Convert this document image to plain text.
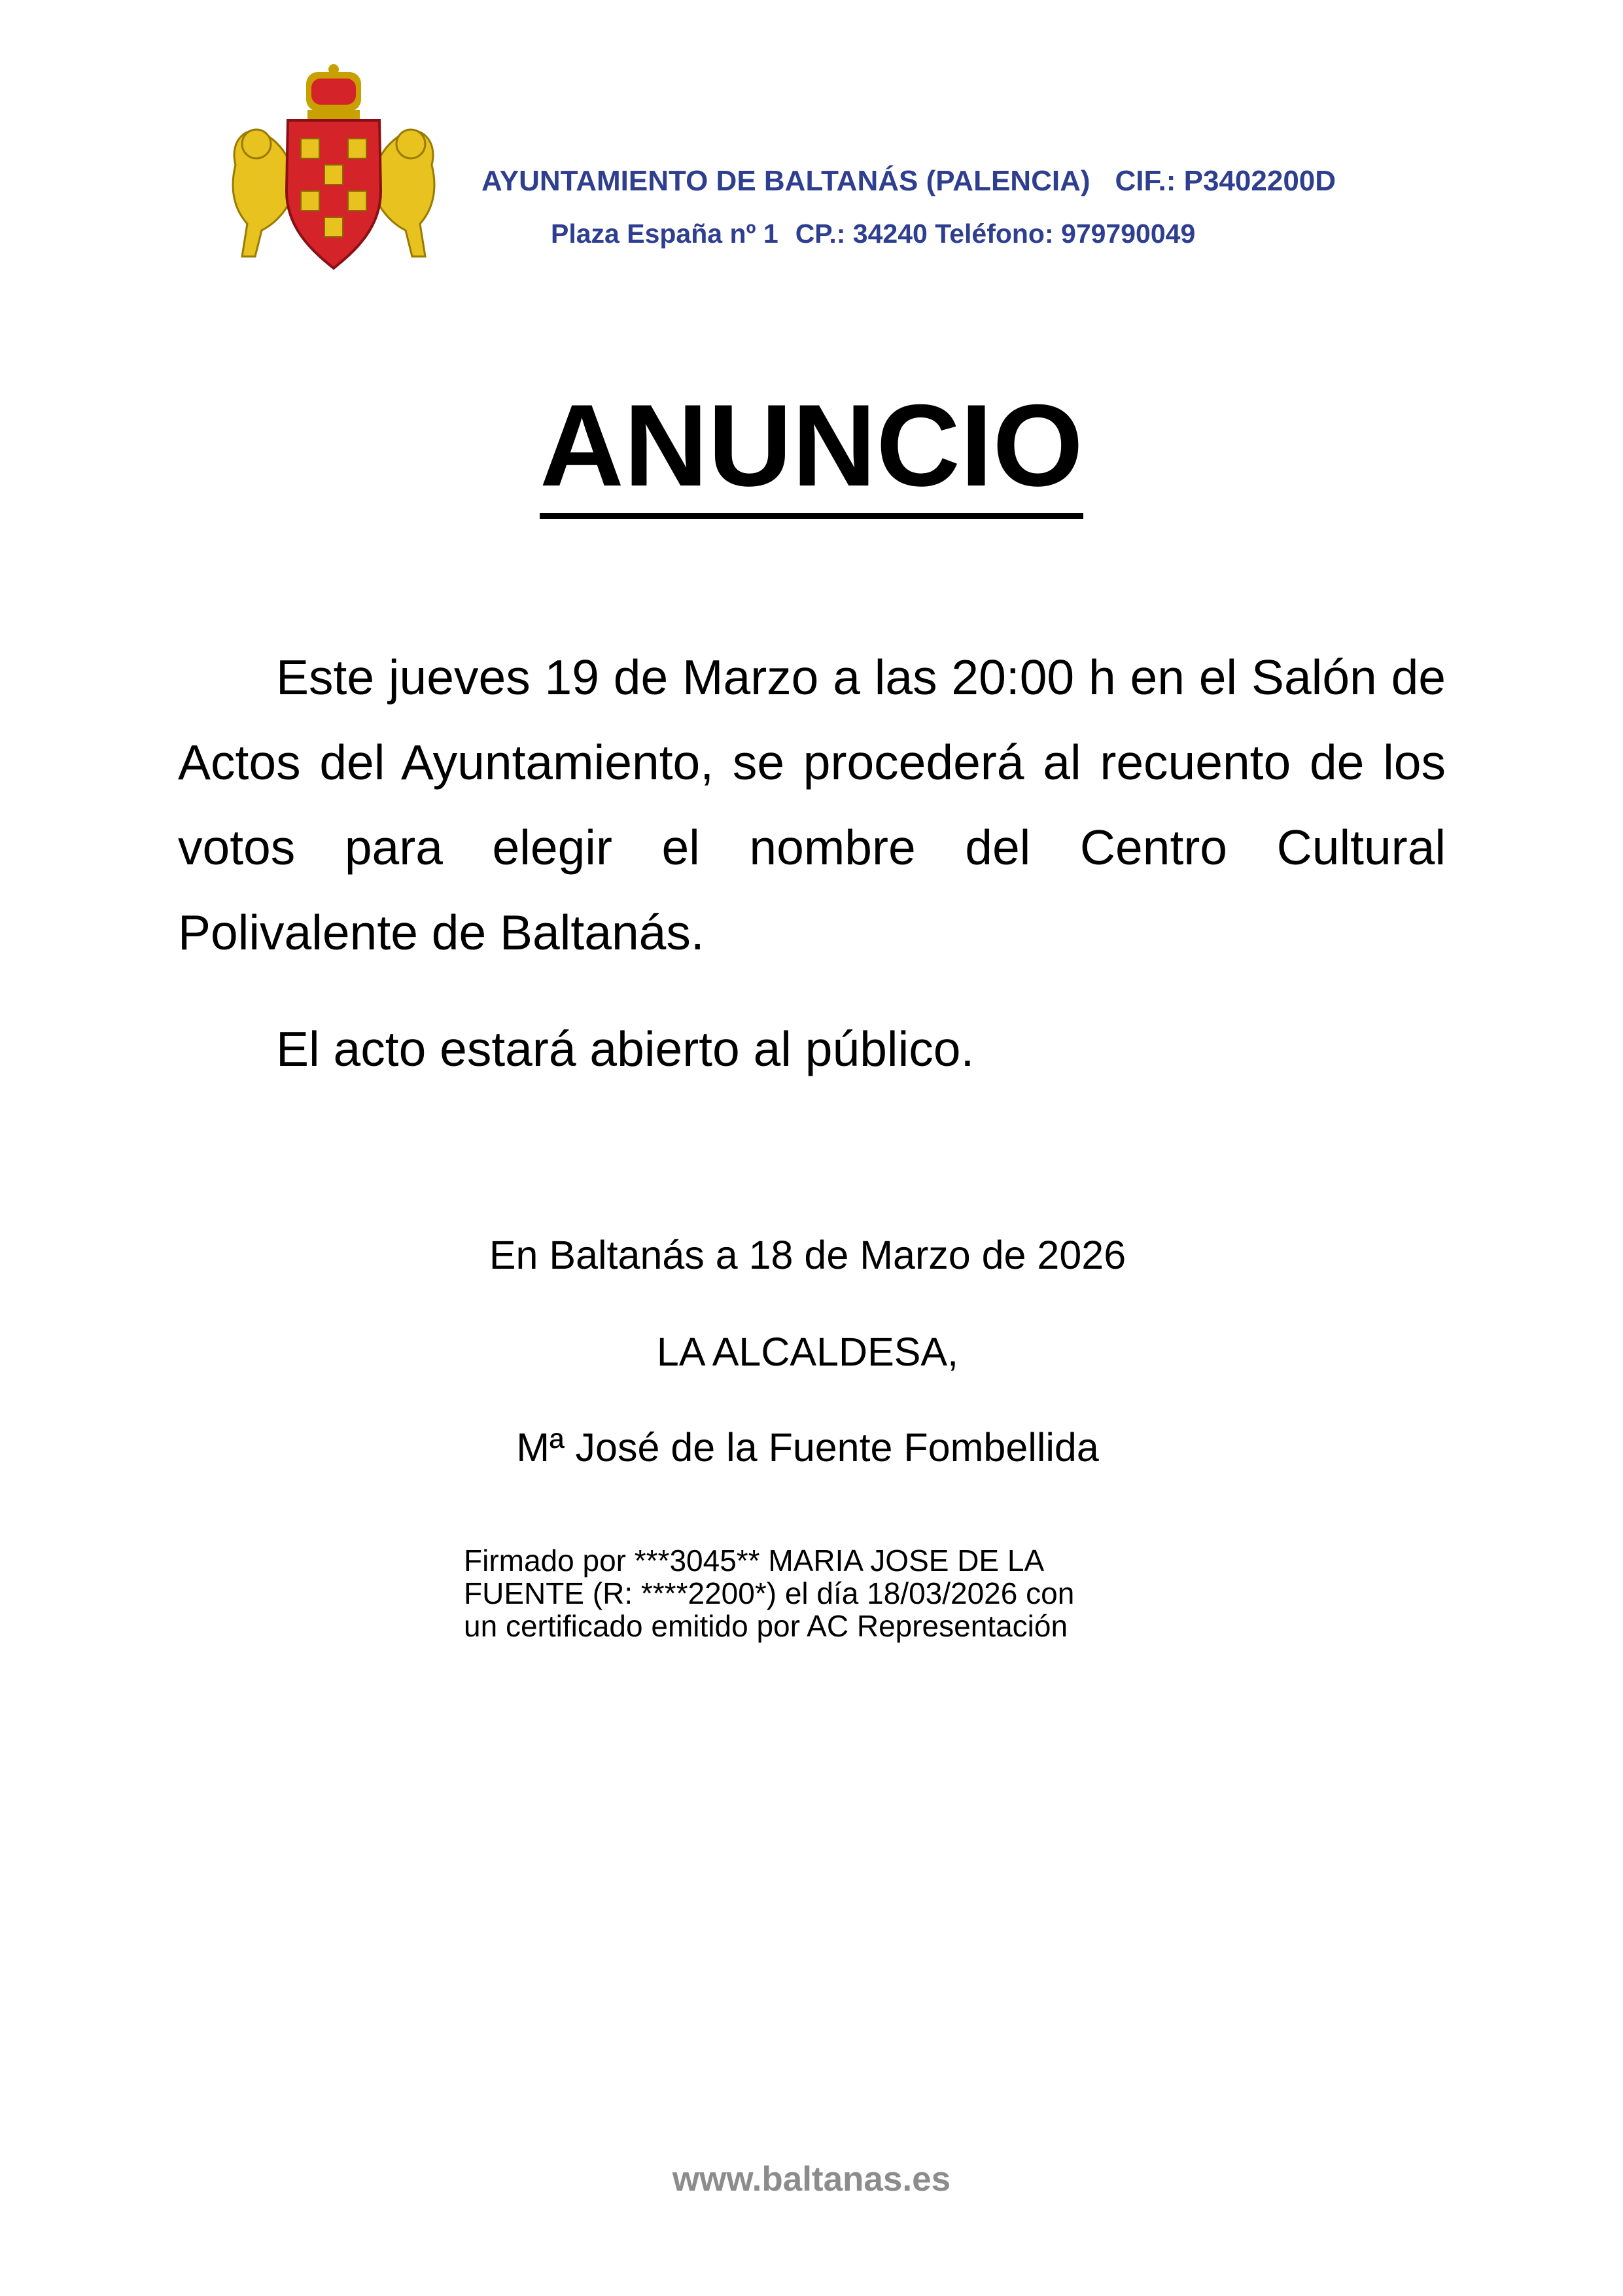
AYUNTAMIENTO DE BALTANÁS (PALENCIA) CIF.: P3402200D
Plaza España nº 1 CP.: 34240 Teléfono: 979790049
ANUNCIO

Este jueves 19 de Marzo a las 20:00 h en el Salón de Actos del Ayuntamiento, se procederá al recuento de los votos para elegir el nombre del Centro Cultural Polivalente de Baltanás.

El acto estará abierto al público.

En Baltanás a 18 de Marzo de 2026
LA ALCALDESA,
Mª José de la Fuente Fombellida
Firmado por ***3045** MARIA JOSE DE LA
FUENTE (R: ****2200*) el día 18/03/2026 con
un certificado emitido por AC Representación
www.baltanas.es
